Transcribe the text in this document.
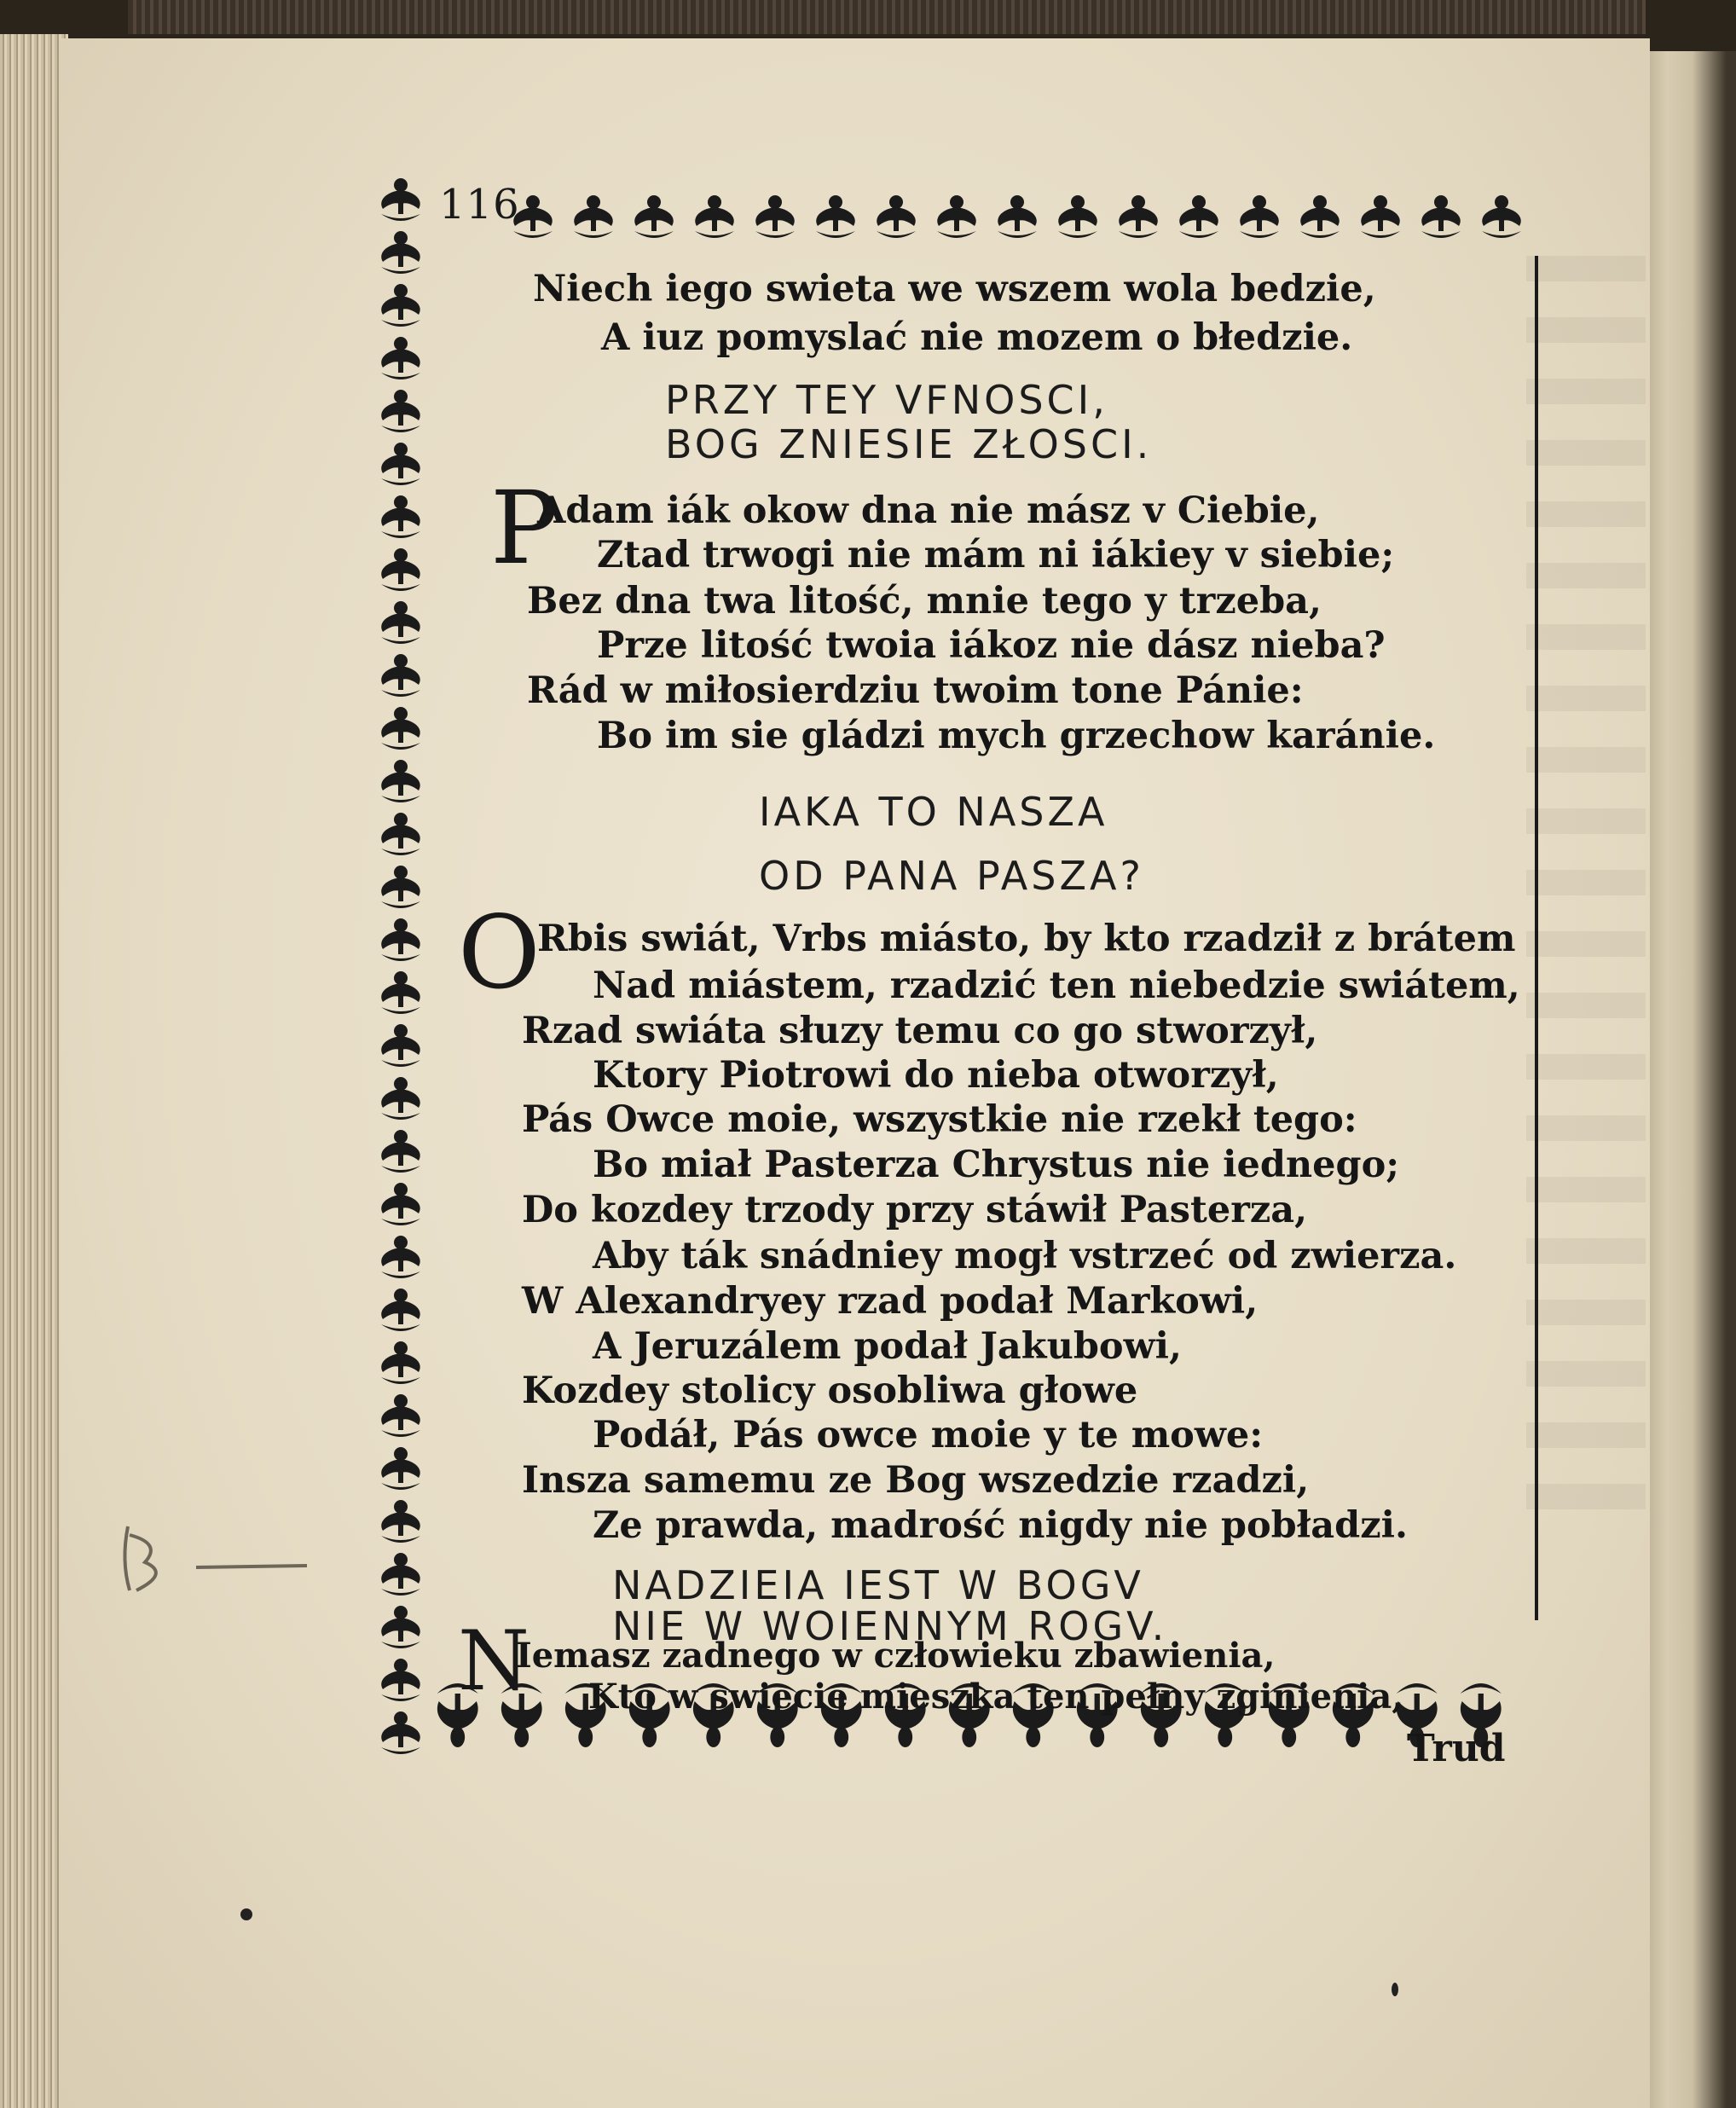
116
Niech iego swieta we wszem wola bedzie,
A iuz pomyslać nie mozem o błedzie.
PRZY TEY VFNOSCI,
BOG ZNIESIE ZŁOSCI.
P
Adam iák okow dna nie mász v Ciebie,
Ztad trwogi nie mám ni iákiey v siebie;
Bez dna twa litość, mnie tego y trzeba,
Prze litość twoia iákoz nie dász nieba?
Rád w miłosierdziu twoim tone Pánie:
Bo im sie gládzi mych grzechow karánie.
IAKA TO NASZA
OD PANA PASZA?
O
Rbis swiát, Vrbs miásto, by kto rzadził z brátem
Nad miástem, rzadzić ten niebedzie swiátem,
Rzad swiáta słuzy temu co go stworzył,
Ktory Piotrowi do nieba otworzył,
Pás Owce moie, wszystkie nie rzekł tego:
Bo miał Pasterza Chrystus nie iednego;
Do kozdey trzody przy stáwił Pasterza,
Aby ták snádniey mogł vstrzeć od zwierza.
W Alexandryey rzad podał Markowi,
A Jeruzálem podał Jakubowi,
Kozdey stolicy osobliwa głowe
Podáł, Pás owce moie y te mowe:
Insza samemu ze Bog wszedzie rzadzi,
Ze prawda, madrość nigdy nie pobładzi.
NADZIEIA IEST W BOGV
NIE W WOIENNYM ROGV.
N
Iemasz zadnego w człowieku zbawienia,
Kto w swiecie mieszka ten pełny zginienia,
Trud
